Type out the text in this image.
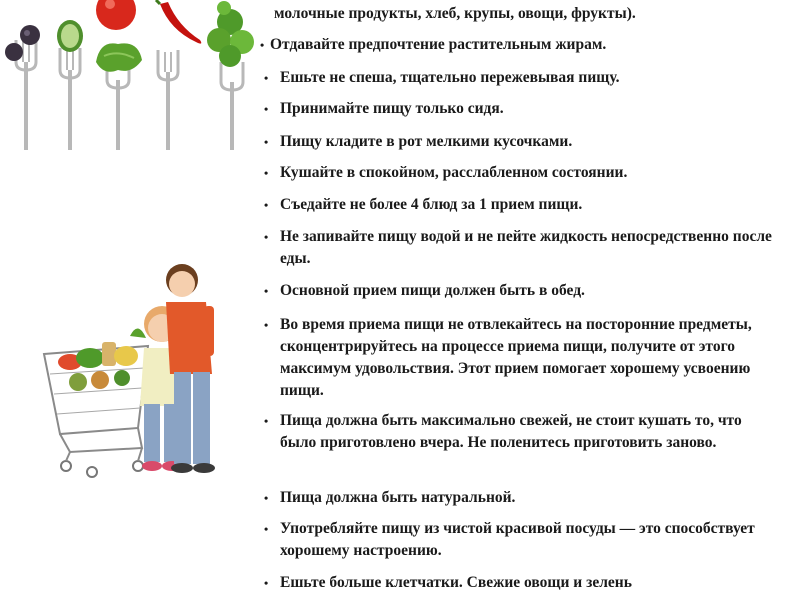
молочные продукты, хлеб, крупы, овощи, фрукты).
• Отдавайте предпочтение растительным жирам.
• Ешьте не спеша, тщательно пережевывая пищу.
• Принимайте пищу только сидя.
• Пищу кладите в рот мелкими кусочками.
• Кушайте в спокойном, расслабленном состоянии.
• Съедайте не более 4 блюд за 1 прием пищи.
• Не запивайте пищу водой и не пейте жидкость непосредственно после еды.
• Основной прием пищи должен быть в обед.
• Во время приема пищи не отвлекайтесь на посторонние предметы, сконцентрируйтесь на процессе приема пищи, получите от этого максимум удовольствия. Этот прием помогает хорошему усвоению пищи.
• Пища должна быть максимально свежей, не стоит кушать то, что было приготовлено вчера. Не поленитесь приготовить заново.
• Пища должна быть натуральной.
• Употребляйте пищу из чистой красивой посуды — это способствует хорошему настроению.
• Ешьте больше клетчатки. Свежие овощи и зелень
